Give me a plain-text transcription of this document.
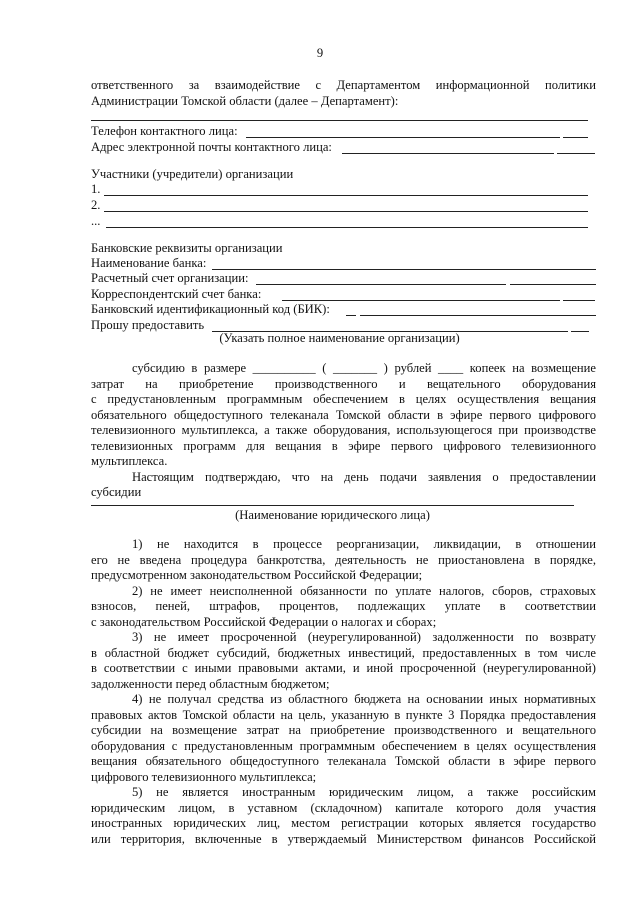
9
ответственного за взаимодействие с Департаментом информационной политики
Администрации Томской области (далее – Департамент):
Телефон контактного лица:
Адрес электронной почты контактного лица:
Участники (учредители) организации
1.
2.
...
Банковские реквизиты организации
Наименование банка:
Расчетный счет организации:
Корреспондентский счет банка:
Банковский идентификационный код (БИК):
Прошу предоставить
(Указать полное наименование организации)
субсидию в размере __________ ( _______ ) рублей ____ копеек на возмещение
затрат на приобретение производственного и вещательного оборудования
с предустановленным программным обеспечением в целях осуществления вещания
обязательного общедоступного телеканала Томской области в эфире первого цифрового
телевизионного мультиплекса, а также оборудования, использующегося при производстве
телевизионных программ для вещания в эфире первого цифрового телевизионного
мультиплекса.
Настоящим подтверждаю, что на день подачи заявления о предоставлении
субсидии
(Наименование юридического лица)
1) не находится в процессе реорганизации, ликвидации, в отношении
его не введена процедура банкротства, деятельность не приостановлена в порядке,
предусмотренном законодательством Российской Федерации;
2) не имеет неисполненной обязанности по уплате налогов, сборов, страховых
взносов, пеней, штрафов, процентов, подлежащих уплате в соответствии
с законодательством Российской Федерации о налогах и сборах;
3) не имеет просроченной (неурегулированной) задолженности по возврату
в областной бюджет субсидий, бюджетных инвестиций, предоставленных в том числе
в соответствии с иными правовыми актами, и иной просроченной (неурегулированной)
задолженности перед областным бюджетом;
4) не получал средства из областного бюджета на основании иных нормативных
правовых актов Томской области на цель, указанную в пункте 3 Порядка предоставления
субсидии на возмещение затрат на приобретение производственного и вещательного
оборудования с предустановленным программным обеспечением в целях осуществления
вещания обязательного общедоступного телеканала Томской области в эфире первого
цифрового телевизионного мультиплекса;
5) не является иностранным юридическим лицом, а также российским
юридическим лицом, в уставном (складочном) капитале которого доля участия
иностранных юридических лиц, местом регистрации которых является государство
или территория, включенные в утверждаемый Министерством финансов Российской
